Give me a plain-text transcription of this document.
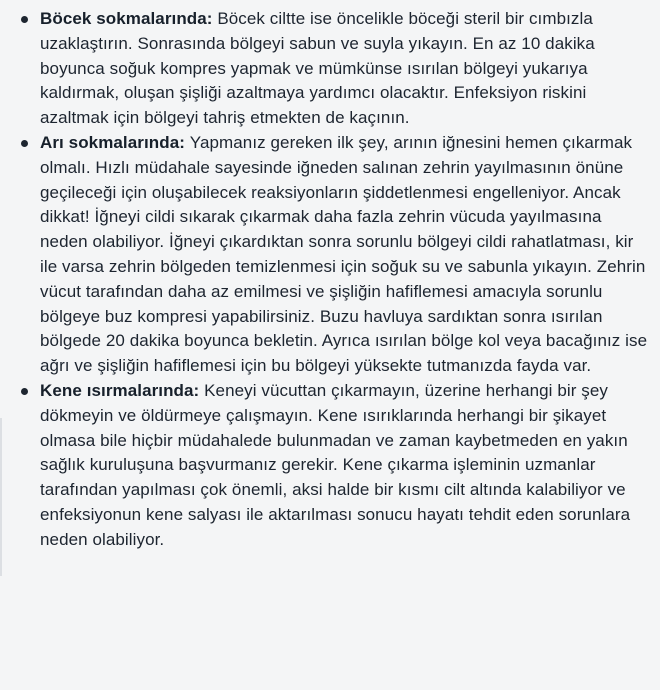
Böcek sokmalarında: Böcek ciltte ise öncelikle böceği steril bir cımbızla uzaklaştırın. Sonrasında bölgeyi sabun ve suyla yıkayın. En az 10 dakika boyunca soğuk kompres yapmak ve mümkünse ısırılan bölgeyi yukarıya kaldırmak, oluşan şişliği azaltmaya yardımcı olacaktır. Enfeksiyon riskini azaltmak için bölgeyi tahriş etmekten de kaçının.
Arı sokmalarında: Yapmanız gereken ilk şey, arının iğnesini hemen çıkarmak olmalı. Hızlı müdahale sayesinde iğneden salınan zehrin yayılmasının önüne geçileceği için oluşabilecek reaksiyonların şiddetlenmesi engelleniyor. Ancak dikkat! İğneyi cildi sıkarak çıkarmak daha fazla zehrin vücuda yayılmasına neden olabiliyor. İğneyi çıkardıktan sonra sorunlu bölgeyi cildi rahatlatması, kir ile varsa zehrin bölgeden temizlenmesi için soğuk su ve sabunla yıkayın. Zehrin vücut tarafından daha az emilmesi ve şişliğin hafiflemesi amacıyla sorunlu bölgeye buz kompresi yapabilirsiniz. Buzu havluya sardıktan sonra ısırılan bölgede 20 dakika boyunca bekletin. Ayrıca ısırılan bölge kol veya bacağınız ise ağrı ve şişliğin hafiflemesi için bu bölgeyi yüksekte tutmanızda fayda var.
Kene ısırmalarında: Keneyi vücuttan çıkarmayın, üzerine herhangi bir şey dökmeyin ve öldürmeye çalışmayın. Kene ısırıklarında herhangi bir şikayet olmasa bile hiçbir müdahalede bulunmadan ve zaman kaybetmeden en yakın sağlık kuruluşuna başvurmanız gerekir. Kene çıkarma işleminin uzmanlar tarafından yapılması çok önemli, aksi halde bir kısmı cilt altında kalabiliyor ve enfeksiyonun kene salyası ile aktarılması sonucu hayatı tehdit eden sorunlara neden olabiliyor.
